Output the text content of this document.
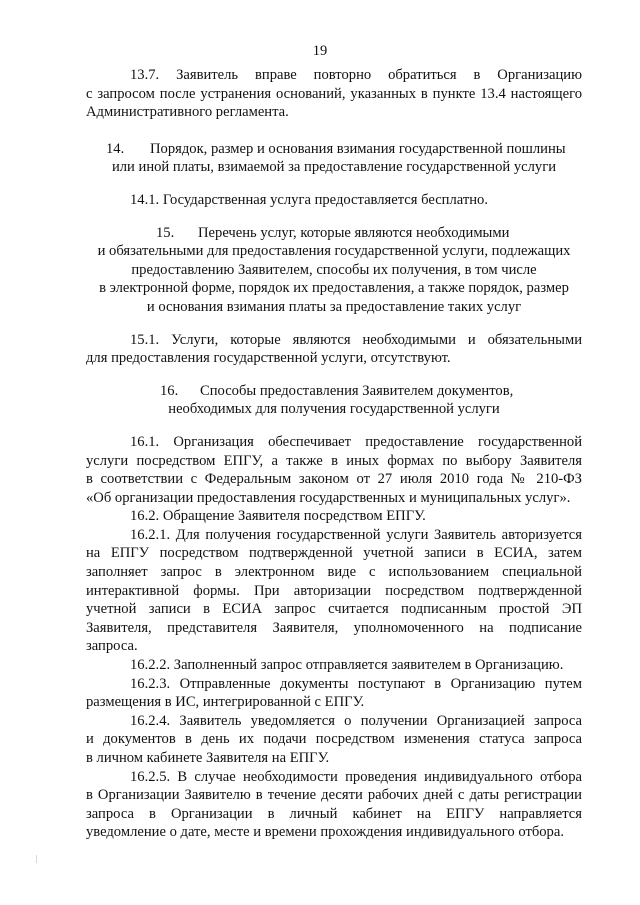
19
13.7. Заявитель вправе повторно обратиться в Организацию
с запросом после устранения оснований, указанных в пункте 13.4 настоящего
Административного регламента.
14. Порядок, размер и основания взимания государственной пошлины
или иной платы, взимаемой за предоставление государственной услуги
14.1. Государственная услуга предоставляется бесплатно.
15. Перечень услуг, которые являются необходимыми
и обязательными для предоставления государственной услуги, подлежащих
предоставлению Заявителем, способы их получения, в том числе
в электронной форме, порядок их предоставления, а также порядок, размер
и основания взимания платы за предоставление таких услуг
15.1. Услуги, которые являются необходимыми и обязательными
для предоставления государственной услуги, отсутствуют.
16. Способы предоставления Заявителем документов,
необходимых для получения государственной услуги
16.1. Организация обеспечивает предоставление государственной
услуги посредством ЕПГУ, а также в иных формах по выбору Заявителя
в соответствии с Федеральным законом от 27 июля 2010 года № 210-ФЗ
«Об организации предоставления государственных и муниципальных услуг».
16.2. Обращение Заявителя посредством ЕПГУ.
16.2.1. Для получения государственной услуги Заявитель авторизуется
на ЕПГУ посредством подтвержденной учетной записи в ЕСИА, затем
заполняет запрос в электронном виде с использованием специальной
интерактивной формы. При авторизации посредством подтвержденной
учетной записи в ЕСИА запрос считается подписанным простой ЭП
Заявителя, представителя Заявителя, уполномоченного на подписание
запроса.
16.2.2. Заполненный запрос отправляется заявителем в Организацию.
16.2.3. Отправленные документы поступают в Организацию путем
размещения в ИС, интегрированной с ЕПГУ.
16.2.4. Заявитель уведомляется о получении Организацией запроса
и документов в день их подачи посредством изменения статуса запроса
в личном кабинете Заявителя на ЕПГУ.
16.2.5. В случае необходимости проведения индивидуального отбора
в Организации Заявителю в течение десяти рабочих дней с даты регистрации
запроса в Организации в личный кабинет на ЕПГУ направляется
уведомление о дате, месте и времени прохождения индивидуального отбора.
